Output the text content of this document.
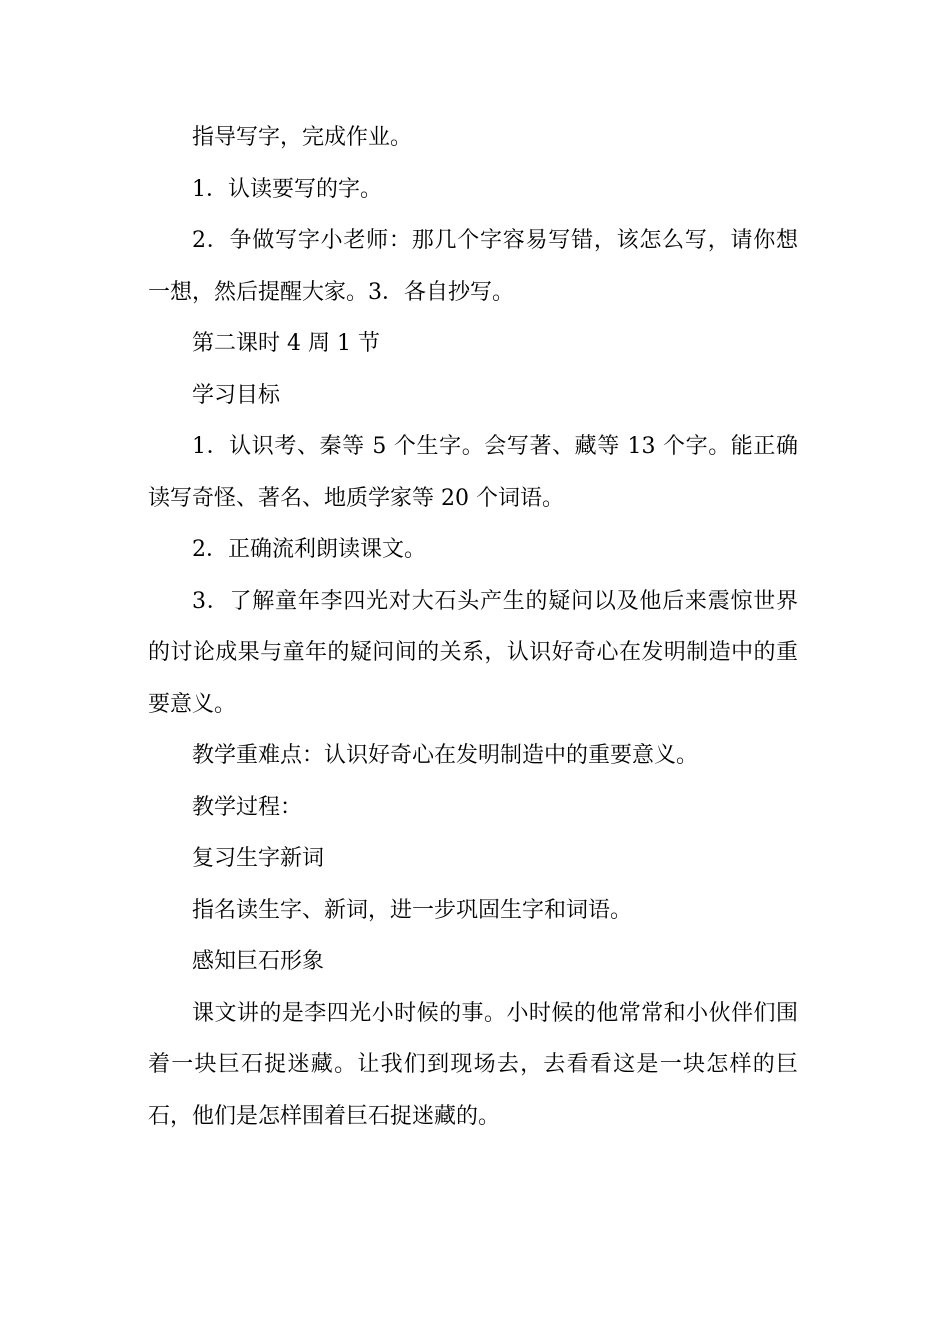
指导写字，完成作业。

1．认读要写的字。

2．争做写字小老师：那几个字容易写错，该怎么写，请你想一想，然后提醒大家。3．各自抄写。

第二课时 4 周 1 节

学习目标

1．认识考、秦等 5 个生字。会写著、藏等 13 个字。能正确读写奇怪、著名、地质学家等 20 个词语。

2．正确流利朗读课文。

3．了解童年李四光对大石头产生的疑问以及他后来震惊世界的讨论成果与童年的疑问间的关系，认识好奇心在发明制造中的重要意义。

教学重难点：认识好奇心在发明制造中的重要意义。

教学过程：

复习生字新词

指名读生字、新词，进一步巩固生字和词语。

感知巨石形象

课文讲的是李四光小时候的事。小时候的他常常和小伙伴们围着一块巨石捉迷藏。让我们到现场去，去看看这是一块怎样的巨石，他们是怎样围着巨石捉迷藏的。
